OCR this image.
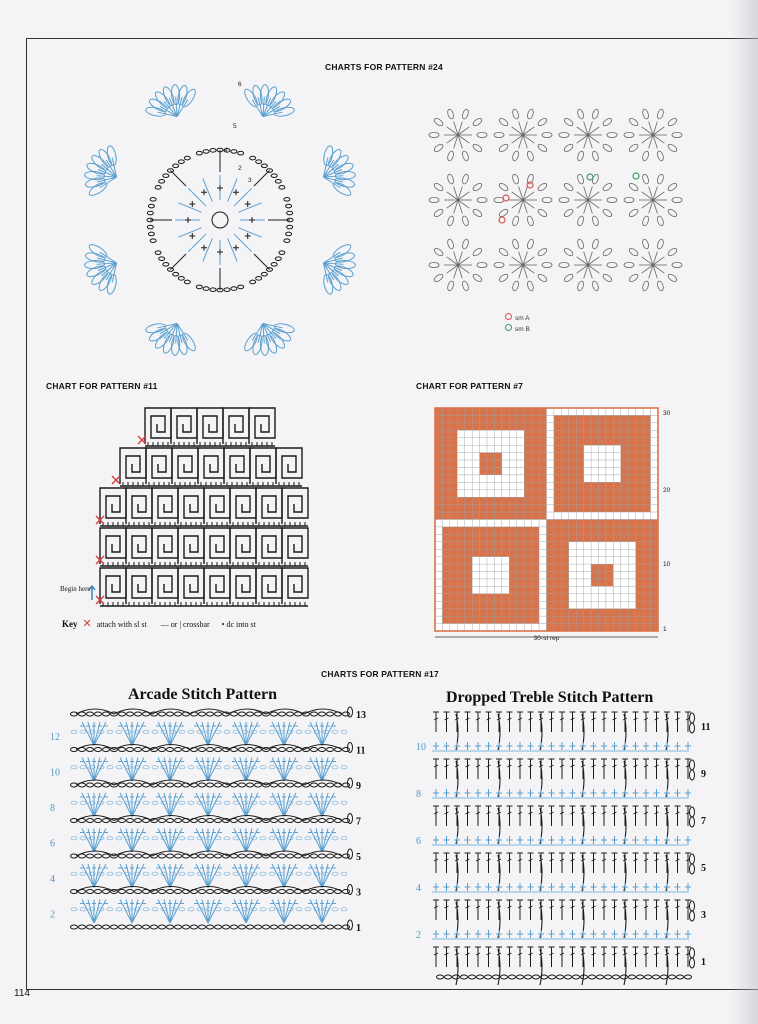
CHARTS FOR PATTERN #24
CHART FOR PATTERN #11	CHART FOR PATTERN #7
CHARTS FOR PATTERN #17
5
4
3
2
6
sm A
sm B
Begin here
Key ✕ attach with sl st — or | crossbar • dc into st
30
20
10
1
30-st rep
Arcade Stitch Pattern	Dropped Treble Stitch Pattern
13
12
11
10
9
8
7
6
5
4
3
2
1
11
10
9
8
7
6
5
4
3
2
1
114
